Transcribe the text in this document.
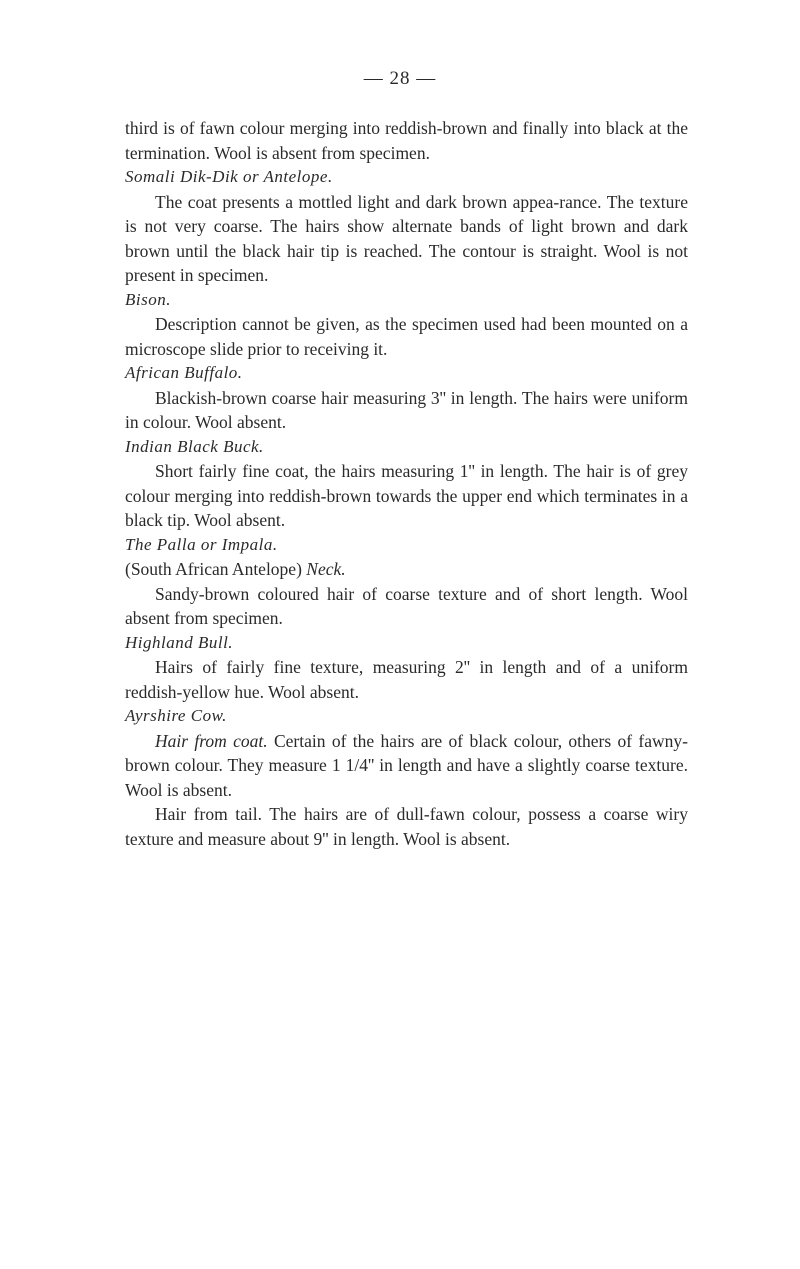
— 28 —

third is of fawn colour merging into reddish-brown and finally into black at the termination. Wool is absent from specimen.

Somali Dik-Dik or Antelope.

The coat presents a mottled light and dark brown appea-rance. The texture is not very coarse. The hairs show alternate bands of light brown and dark brown until the black hair tip is reached. The contour is straight. Wool is not present in specimen.

Bison.

Description cannot be given, as the specimen used had been mounted on a microscope slide prior to receiving it.

African Buffalo.

Blackish-brown coarse hair measuring 3'' in length. The hairs were uniform in colour. Wool absent.

Indian Black Buck.

Short fairly fine coat, the hairs measuring 1'' in length. The hair is of grey colour merging into reddish-brown towards the upper end which terminates in a black tip. Wool absent.

The Palla or Impala.

(South African Antelope) Neck.

Sandy-brown coloured hair of coarse texture and of short length. Wool absent from specimen.

Highland Bull.

Hairs of fairly fine texture, measuring 2'' in length and of a uniform reddish-yellow hue. Wool absent.

Ayrshire Cow.

Hair from coat. Certain of the hairs are of black colour, others of fawny-brown colour. They measure 1 1/4'' in length and have a slightly coarse texture. Wool is absent.

Hair from tail. The hairs are of dull-fawn colour, possess a coarse wiry texture and measure about 9'' in length. Wool is absent.
